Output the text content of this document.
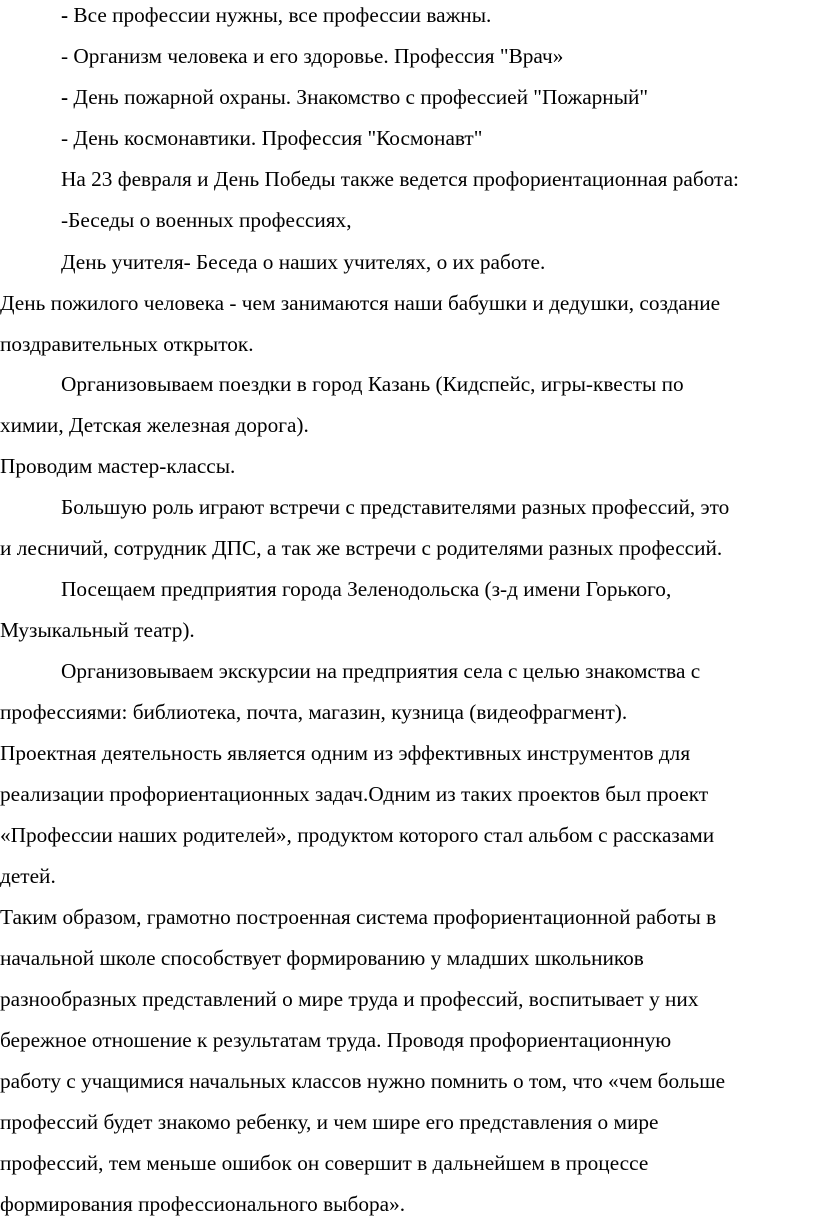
- Все профессии нужны, все профессии важны.

- Организм человека и его здоровье. Профессия "Врач»

- День пожарной охраны. Знакомство с профессией "Пожарный"

- День космонавтики. Профессия "Космонавт"

На 23 февраля и День Победы также ведется профориентационная работа:

-Беседы о военных профессиях,

День учителя- Беседа о наших учителях, о их работе.

День пожилого человека - чем занимаются наши бабушки и дедушки, создание

поздравительных открыток.

Организовываем поездки в город Казань (Кидспейс, игры-квесты по

химии, Детская железная дорога).

Проводим мастер-классы.

Большую роль играют встречи с представителями разных профессий, это

и лесничий, сотрудник ДПС, а так же встречи с родителями разных профессий.

Посещаем предприятия города Зеленодольска (з-д имени Горького,

Музыкальный театр).

Организовываем экскурсии на предприятия села с целью знакомства с

профессиями: библиотека, почта, магазин, кузница (видеофрагмент).

Проектная деятельность является одним из эффективных инструментов для

реализации профориентационных задач.Одним из таких проектов был проект

«Профессии наших родителей», продуктом которого стал альбом с рассказами

детей.

Таким образом, грамотно построенная система профориентационной работы в

начальной школе способствует формированию у младших школьников

разнообразных представлений о мире труда и профессий, воспитывает у них

бережное отношение к результатам труда. Проводя профориентационную

работу с учащимися начальных классов нужно помнить о том, что «чем больше

профессий будет знакомо ребенку, и чем шире его представления о мире

профессий, тем меньше ошибок он совершит в дальнейшем в процессе

формирования профессионального выбора».
